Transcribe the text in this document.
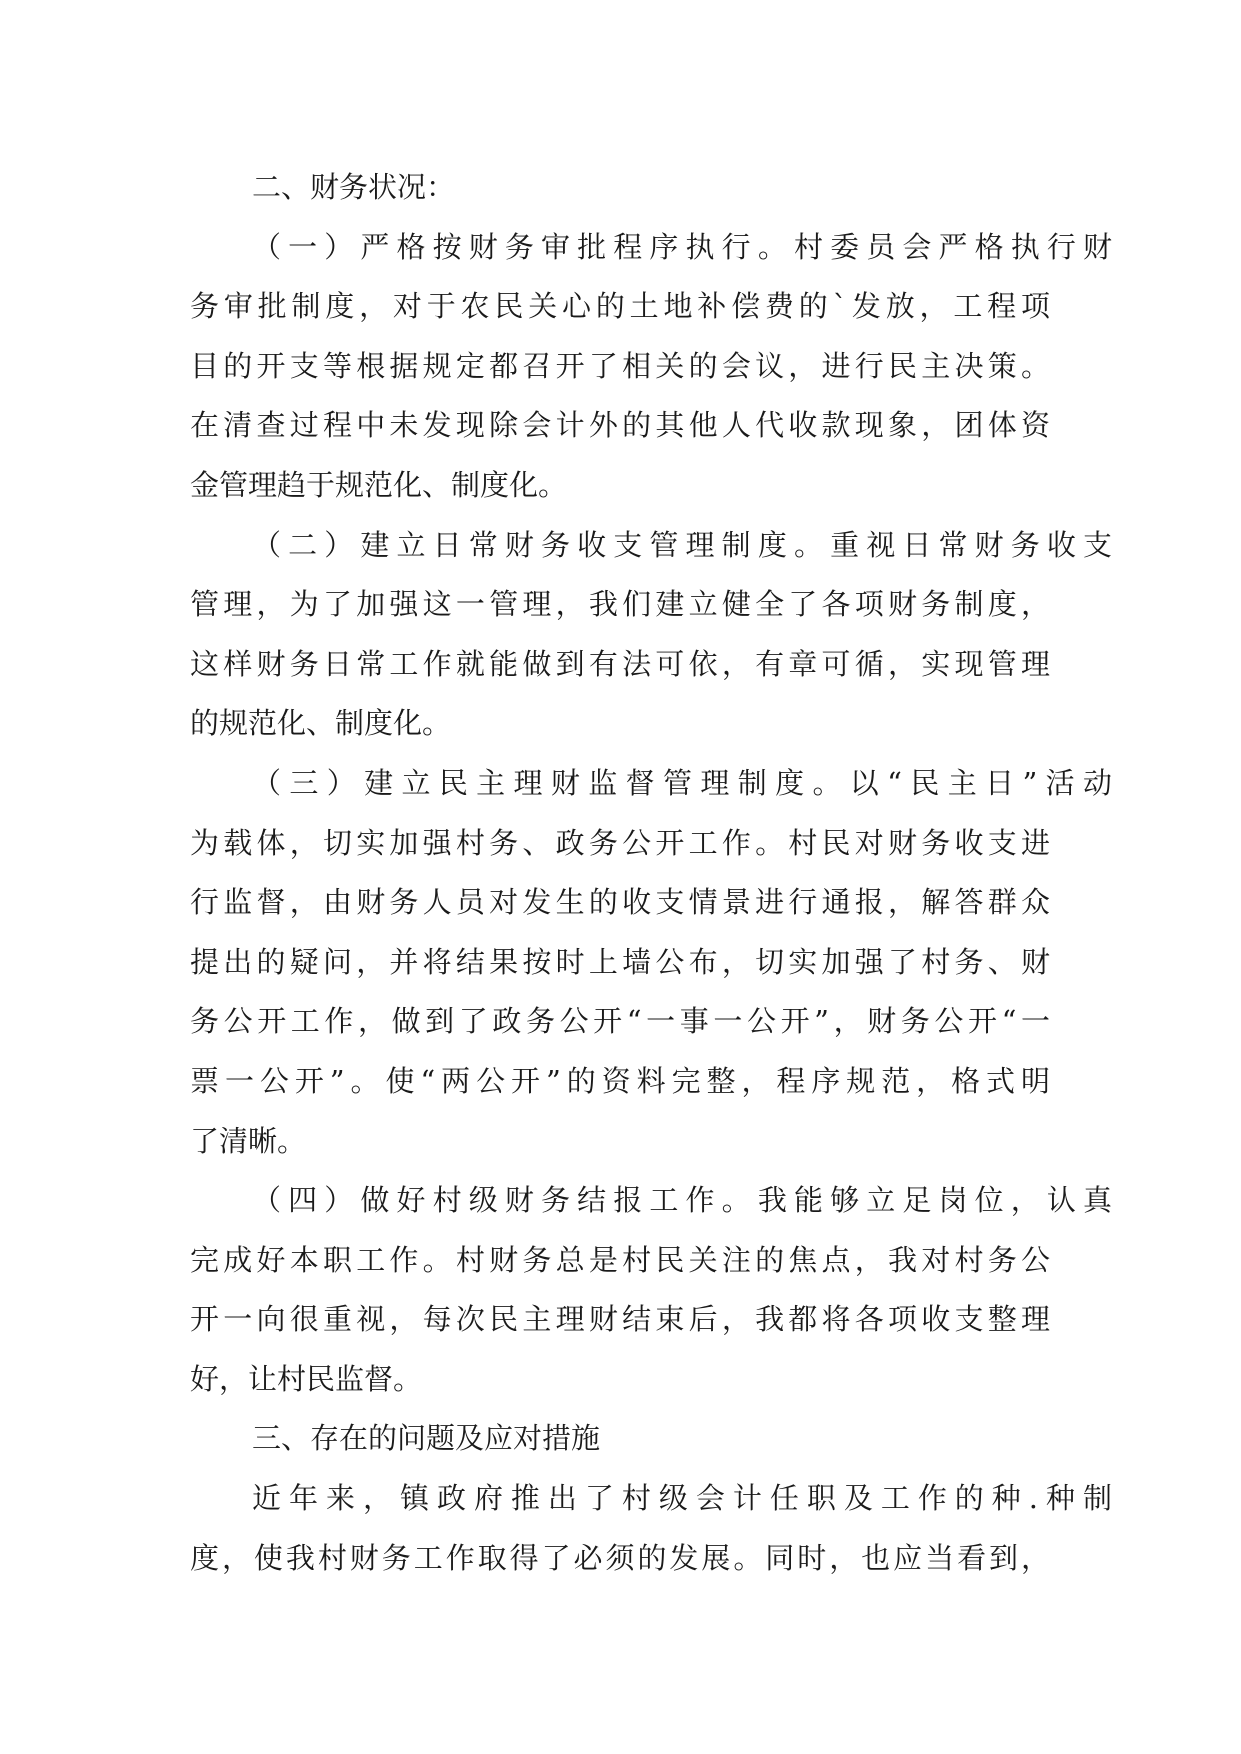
二、财务状况：
（一）严格按财务审批程序执行。村委员会严格执行财
务审批制度，对于农民关心的土地补偿费的`发放，工程项
目的开支等根据规定都召开了相关的会议，进行民主决策。
在清查过程中未发现除会计外的其他人代收款现象，团体资
金管理趋于规范化、制度化。
（二）建立日常财务收支管理制度。重视日常财务收支
管理，为了加强这一管理，我们建立健全了各项财务制度，
这样财务日常工作就能做到有法可依，有章可循，实现管理
的规范化、制度化。
（三）建立民主理财监督管理制度。以“民主日”活动
为载体，切实加强村务、政务公开工作。村民对财务收支进
行监督，由财务人员对发生的收支情景进行通报，解答群众
提出的疑问，并将结果按时上墙公布，切实加强了村务、财
务公开工作，做到了政务公开“一事一公开”，财务公开“一
票一公开”。使“两公开”的资料完整，程序规范，格式明
了清晰。
（四）做好村级财务结报工作。我能够立足岗位，认真
完成好本职工作。村财务总是村民关注的焦点，我对村务公
开一向很重视，每次民主理财结束后，我都将各项收支整理
好，让村民监督。
三、存在的问题及应对措施
近年来，镇政府推出了村级会计任职及工作的种.种制
度，使我村财务工作取得了必须的发展。同时，也应当看到，
